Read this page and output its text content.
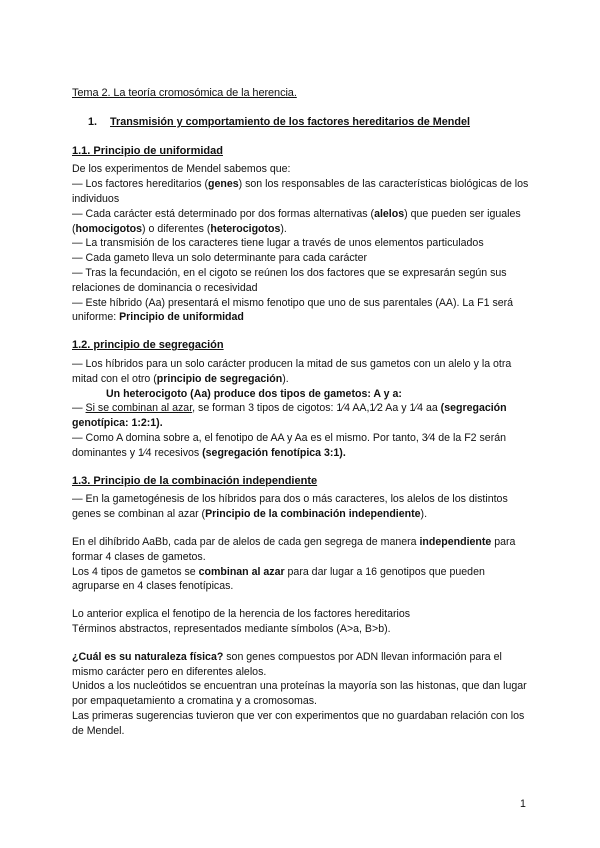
Tema 2. La teoría cromosómica de la herencia.

1.	Transmisión y comportamiento de los factores hereditarios de Mendel

1.1. Principio de uniformidad

De los experimentos de Mendel sabemos que:

— Los factores hereditarios (genes) son los responsables de las características biológicas de los individuos

— Cada carácter está determinado por dos formas alternativas (alelos) que pueden ser iguales (homocigotos) o diferentes (heterocigotos).

— La transmisión de los caracteres tiene lugar a través de unos elementos particulados

— Cada gameto lleva un solo determinante para cada carácter

— Tras la fecundación, en el cigoto se reúnen los dos factores que se expresarán según sus relaciones de dominancia o recesividad

— Este híbrido (Aa) presentará el mismo fenotipo que uno de sus parentales (AA). La F1 será uniforme: Principio de uniformidad

1.2. principio de segregación

— Los híbridos para un solo carácter producen la mitad de sus gametos con un alelo y la otra mitad con el otro (principio de segregación).

Un heterocigoto (Aa) produce dos tipos de gametos: A y a:

— Si se combinan al azar, se forman 3 tipos de cigotos: 1⁄4 AA,1⁄2 Aa y 1⁄4 aa (segregación genotípica: 1:2:1).

— Como A domina sobre a, el fenotipo de AA y Aa es el mismo. Por tanto, 3⁄4 de la F2 serán dominantes y 1⁄4 recesivos (segregación fenotípica 3:1).

1.3. Principio de la combinación independiente

— En la gametogénesis de los híbridos para dos o más caracteres, los alelos de los distintos genes se combinan al azar (Principio de la combinación independiente).

En el dihíbrido AaBb, cada par de alelos de cada gen segrega de manera independiente para formar 4 clases de gametos.

Los 4 tipos de gametos se combinan al azar para dar lugar a 16 genotipos que pueden agruparse en 4 clases fenotípicas.

Lo anterior explica el fenotipo de la herencia de los factores hereditarios

Términos abstractos, representados mediante símbolos (A>a, B>b).

¿Cuál es su naturaleza física? son genes compuestos por ADN llevan información para el mismo carácter pero en diferentes alelos.

Unidos a los nucleótidos se encuentran una proteínas la mayoría son las histonas, que dan lugar por empaquetamiento a cromatina y a cromosomas.

Las primeras sugerencias tuvieron que ver con experimentos que no guardaban relación con los de Mendel.

1
